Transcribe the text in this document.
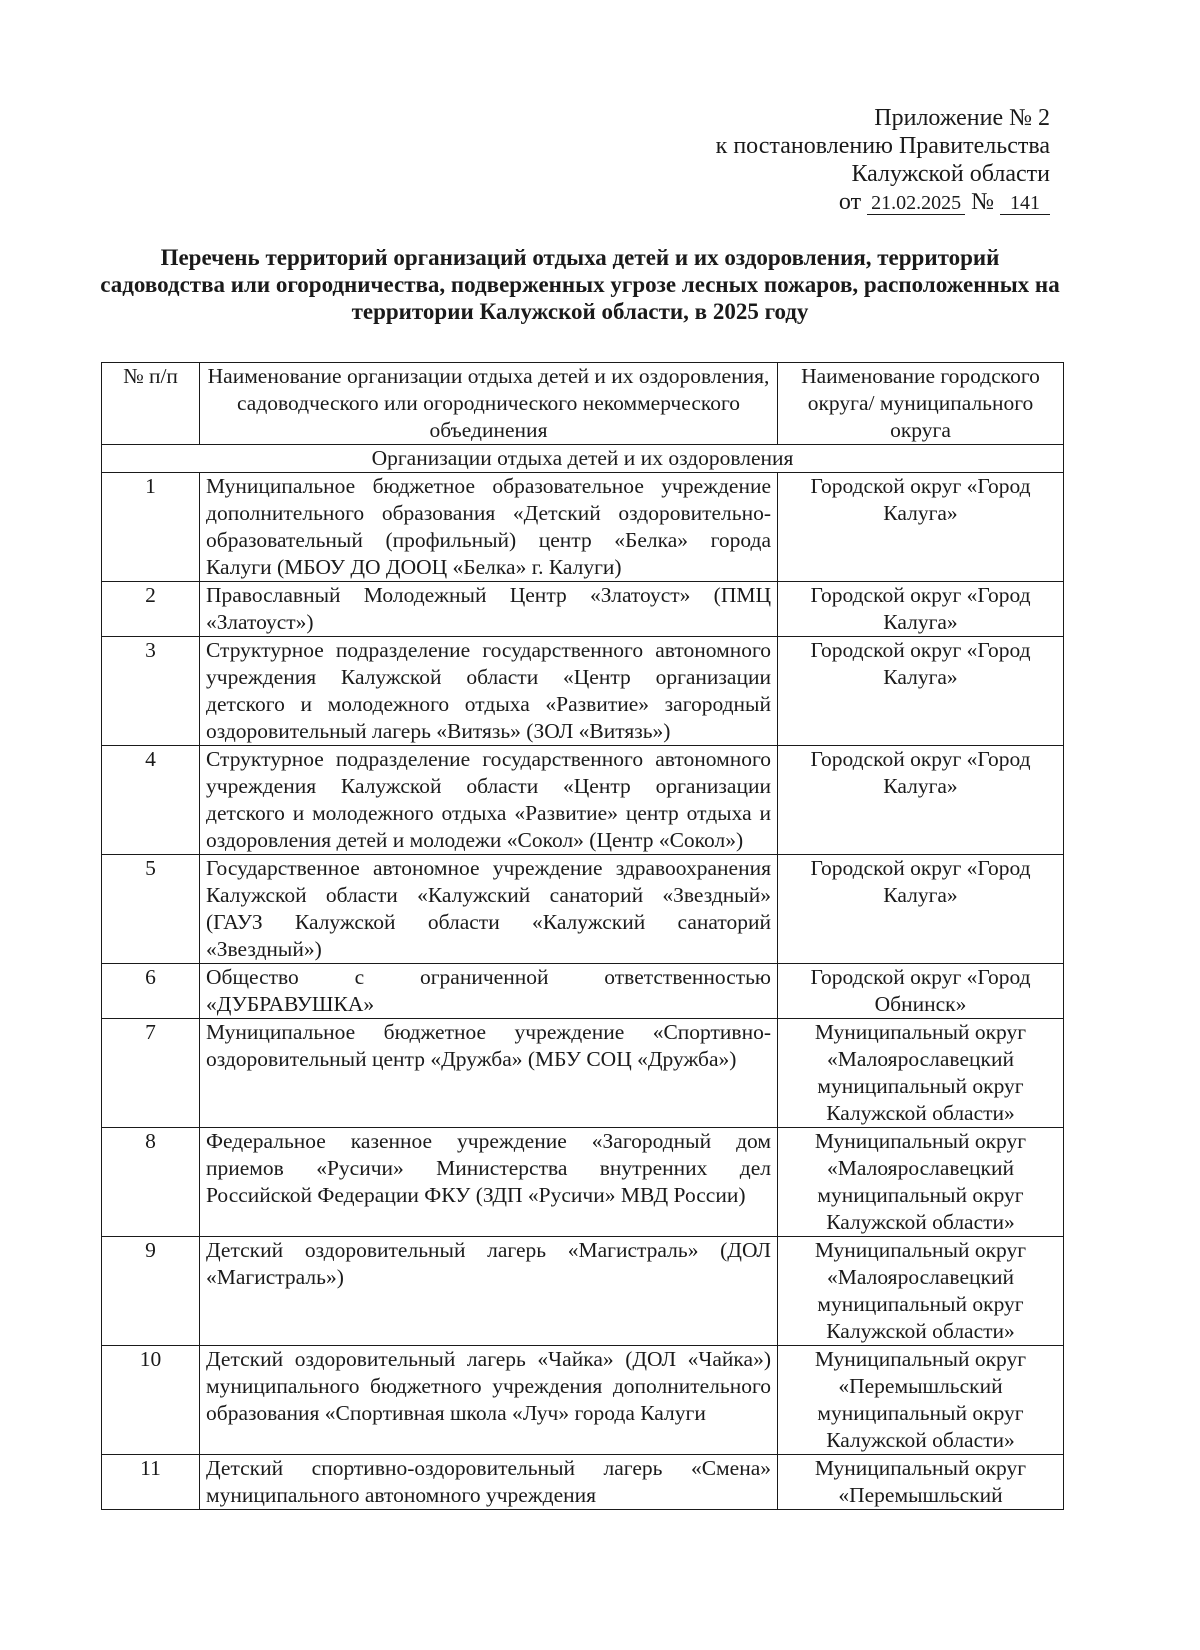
Приложение № 2
к постановлению Правительства
Калужской области
от 21.02.2025 № 141
Перечень территорий организаций отдыха детей и их оздоровления, территорий садоводства или огородничества, подверженных угрозе лесных пожаров, расположенных на территории Калужской области, в 2025 году
№ п/п	Наименование организации отдыха детей и их оздоровления, садоводческого или огороднического некоммерческого объединения	Наименование городского округа/ муниципального округа
Организации отдыха детей и их оздоровления		
1	Муниципальное бюджетное образовательное учреждение дополнительного образования «Детский оздоровительно-образовательный (профильный) центр «Белка» города Калуги (МБОУ ДО ДООЦ «Белка» г. Калуги)	Городской округ «Город Калуга»
2	Православный Молодежный Центр «Златоуст» (ПМЦ «Златоуст»)	Городской округ «Город Калуга»
3	Структурное подразделение государственного автономного учреждения Калужской области «Центр организации детского и молодежного отдыха «Развитие» загородный оздоровительный лагерь «Витязь» (ЗОЛ «Витязь»)	Городской округ «Город Калуга»
4	Структурное подразделение государственного автономного учреждения Калужской области «Центр организации детского и молодежного отдыха «Развитие» центр отдыха и оздоровления детей и молодежи «Сокол» (Центр «Сокол»)	Городской округ «Город Калуга»
5	Государственное автономное учреждение здравоохранения Калужской области «Калужский санаторий «Звездный» (ГАУЗ Калужской области «Калужский санаторий «Звездный»)	Городской округ «Город Калуга»
6	Общество с ограниченной ответственностью «ДУБРАВУШКА»	Городской округ «Город Обнинск»
7	Муниципальное бюджетное учреждение «Спортивно-оздоровительный центр «Дружба» (МБУ СОЦ «Дружба»)	Муниципальный округ «Малоярославецкий муниципальный округ Калужской области»
8	Федеральное казенное учреждение «Загородный дом приемов «Русичи» Министерства внутренних дел Российской Федерации ФКУ (ЗДП «Русичи» МВД России)	Муниципальный округ «Малоярославецкий муниципальный округ Калужской области»
9	Детский оздоровительный лагерь «Магистраль» (ДОЛ «Магистраль»)	Муниципальный округ «Малоярославецкий муниципальный округ Калужской области»
10	Детский оздоровительный лагерь «Чайка» (ДОЛ «Чайка») муниципального бюджетного учреждения дополнительного образования «Спортивная школа «Луч» города Калуги	Муниципальный округ «Перемышльский муниципальный округ Калужской области»
11	Детский спортивно-оздоровительный лагерь «Смена» муниципального автономного учреждения	Муниципальный округ «Перемышльский
